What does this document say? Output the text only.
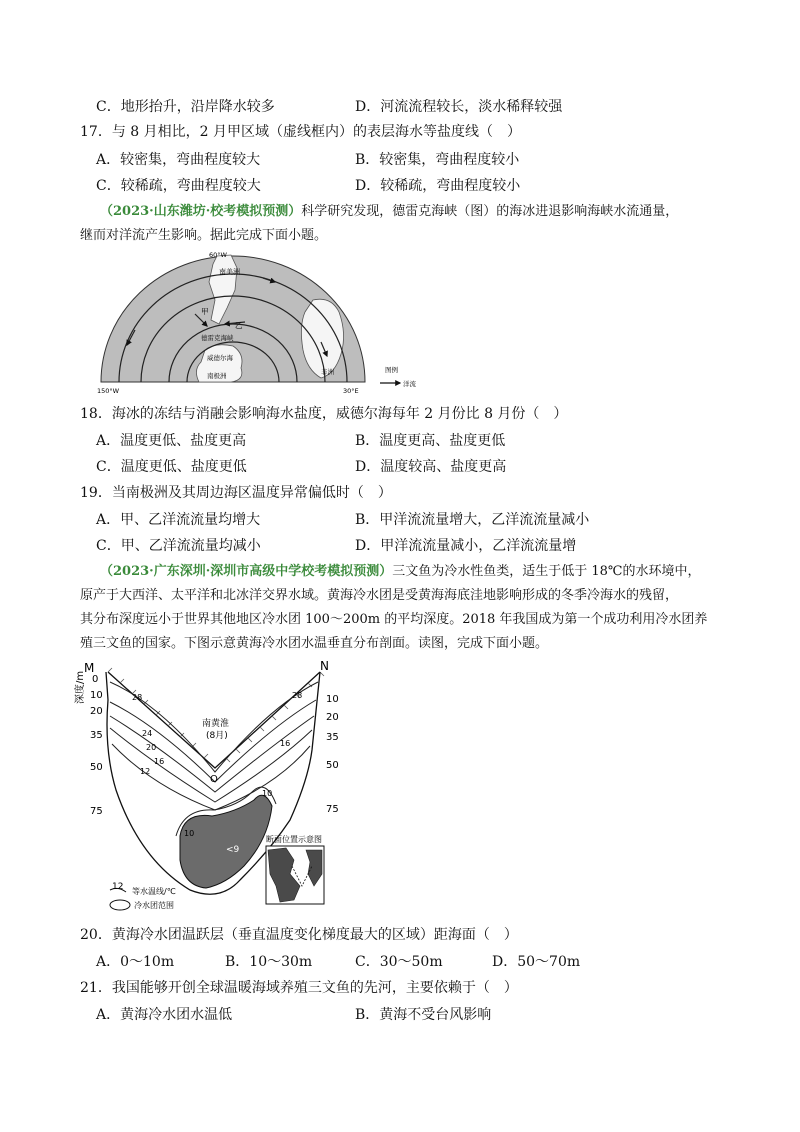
C．地形抬升，沿岸降水较多	D．河流流程较长，淡水稀释较强
17．与 8 月相比，2 月甲区域（虚线框内）的表层海水等盐度线（　）
A．较密集，弯曲程度较大	B．较密集，弯曲程度较小
C．较稀疏，弯曲程度较大	D．较稀疏，弯曲程度较小
（2023·山东潍坊·校考模拟预测）科学研究发现，德雷克海峡（图）的海冰进退影响海峡水流通量，
继而对洋流产生影响。据此完成下面小题。
60°W
南美洲
甲
乙
德雷克海峡
威德尔海
南极洲	非洲
150°W	30°E
图例
洋流
18．海冰的冻结与消融会影响海水盐度，威德尔海每年 2 月份比 8 月份（　）
A．温度更低、盐度更高	B．温度更高、盐度更低
C．温度更低、盐度更低	D．温度较高、盐度更高
19．当南极洲及其周边海区温度异常偏低时（　）
A．甲、乙洋流流量均增大	B．甲洋流流量增大，乙洋流流量减小
C．甲、乙洋流流量均减小	D．甲洋流流量减小，乙洋流流量增
（2023·广东深圳·深圳市高级中学校考模拟预测）三文鱼为冷水性鱼类，适生于低于 18℃的水环境中，
原产于大西洋、太平洋和北冰洋交界水域。黄海冷水团是受黄海海底洼地影响形成的冬季冷海水的残留，
其分布深度远小于世界其他地区冷水团 100～200m 的平均深度。2018 年我国成为第一个成功利用冷水团养
殖三文鱼的国家。下图示意黄海冷水团水温垂直分布剖面。读图，完成下面小题。
M	N
O
深度/m 0
10
20
35
50
75
10
20
35
50
75
南黄淮
(8月)
28	28
24
20
16
16
12
10
10
<9
断面位置示意图
12 等水温线/℃
冷水团范围
20．黄海冷水团温跃层（垂直温度变化梯度最大的区域）距海面（　）
A．0～10m	B．10～30m	C．30～50m	D．50～70m
21．我国能够开创全球温暖海域养殖三文鱼的先河，主要依赖于（　）
A．黄海冷水团水温低	B．黄海不受台风影响
